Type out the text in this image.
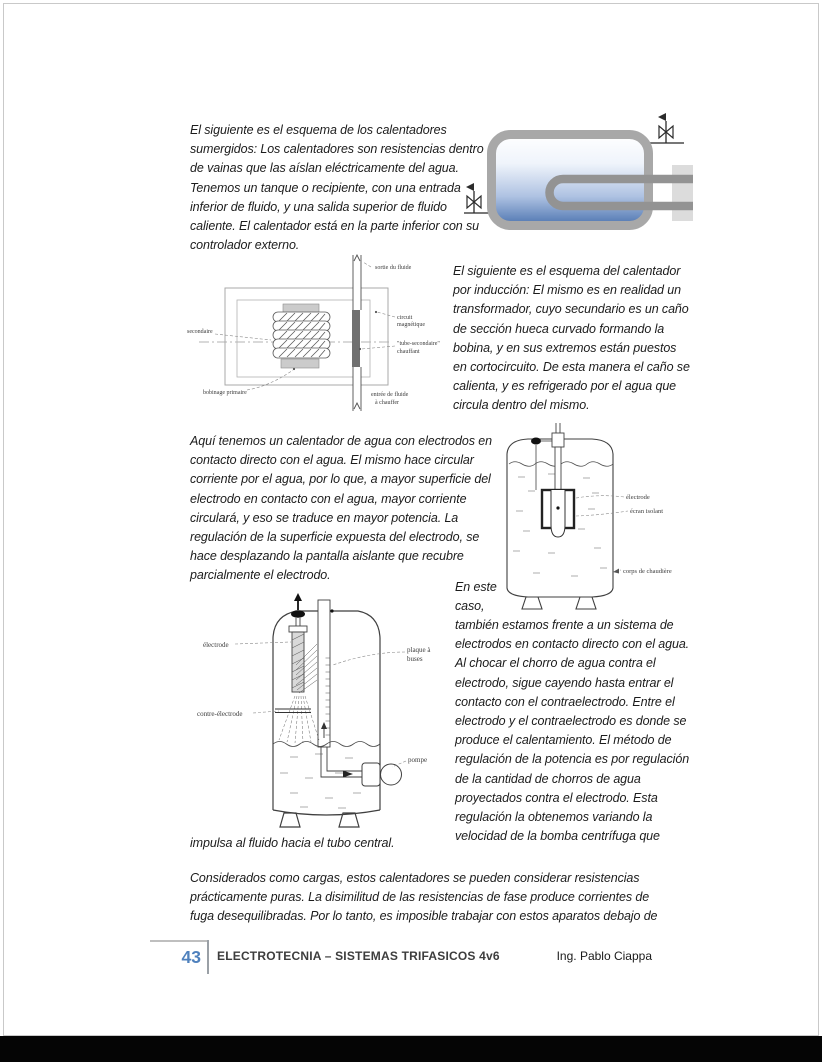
El siguiente es el esquema de los calentadores sumergidos: Los calentadores son resistencias dentro de vainas que las aíslan eléctricamente del agua. Tenemos un tanque o recipiente, con una entrada inferior de fluido, y una salida superior de fluido caliente. El calentador está en la parte inferior con su controlador externo.
El siguiente es el esquema del calentador por inducción: El mismo es en realidad un transformador, cuyo secundario es un caño de sección hueca curvado formando la bobina, y en sus extremos están puestos en cortocircuito. De esta manera el caño se calienta, y es refrigerado por el agua que circula dentro del mismo.
sortie du fluide
circuit
magnétique
"tube-secondaire"
chauffant
secondaire
bobinage primaire	entrée de fluide
à chauffer
Aquí tenemos un calentador de agua con electrodos en contacto directo con el agua. El mismo hace circular corriente por el agua, por lo que, a mayor superficie del electrodo en contacto con el agua, mayor corriente circulará, y eso se traduce en mayor potencia. La regulación de la superficie expuesta del electrodo, se hace desplazando la pantalla aislante que recubre parcialmente el electrodo.
électrode
écran isolant
corps de chaudière
En este caso,
también estamos frente a un sistema de electrodos en contacto directo con el agua. Al chocar el chorro de agua contra el electrodo, sigue cayendo hasta entrar el contacto con el contraelectrodo. Entre el electrodo y el contraelectrodo es donde se produce el calentamiento. El método de regulación de la potencia es por regulación de la cantidad de chorros de agua proyectados contra el electrodo. Esta regulación la obtenemos variando la velocidad de la bomba centrífuga que
électrode
plaque à
buses
contre-électrode
pompe
impulsa al fluido hacia el tubo central.
Considerados como cargas, estos calentadores se pueden considerar resistencias prácticamente puras. La disimilitud de las resistencias de fase produce corrientes de fuga desequilibradas. Por lo tanto, es imposible trabajar con estos aparatos debajo de
43	ELECTROTECNIA – SISTEMAS TRIFASICOS 4v6	Ing. Pablo Ciappa
